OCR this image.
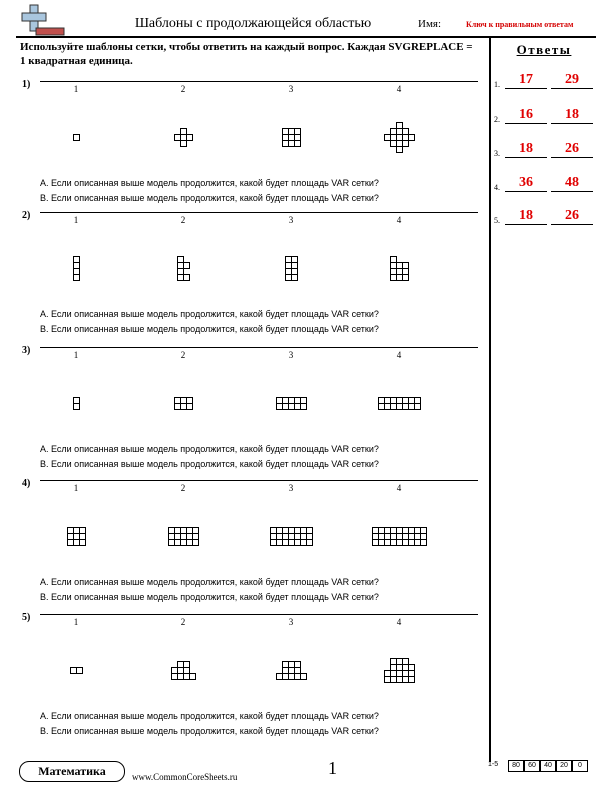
Шаблоны с продолжающейся областью	Имя:	Ключ к правильным ответам
Используйте шаблоны сетки, чтобы ответить на каждый вопрос. Каждая SVGREPLACE = 1 квадратная единица.
Ответы
1.	17	29
2.	16	18
3.	18	26
4.	36	48
5.	18	26
1)	1	2

			3

			4

A. Если описанная выше модель продолжится, какой будет площадь VAR сетки?
B. Если описанная выше модель продолжится, какой будет площадь VAR сетки?
2)	1	2

		3

		4

A. Если описанная выше модель продолжится, какой будет площадь VAR сетки?
B. Если описанная выше модель продолжится, какой будет площадь VAR сетки?
3)	1	2

			3

					4

A. Если описанная выше модель продолжится, какой будет площадь VAR сетки?
B. Если описанная выше модель продолжится, какой будет площадь VAR сетки?
4)	1

			2

					3

							4

A. Если описанная выше модель продолжится, какой будет площадь VAR сетки?
B. Если описанная выше модель продолжится, какой будет площадь VAR сетки?
5)	1
		2

				3

					4

A. Если описанная выше модель продолжится, какой будет площадь VAR сетки?
B. Если описанная выше модель продолжится, какой будет площадь VAR сетки?
Математика	www.CommonCoreSheets.ru	1	1-5	80	60	40	20	0
